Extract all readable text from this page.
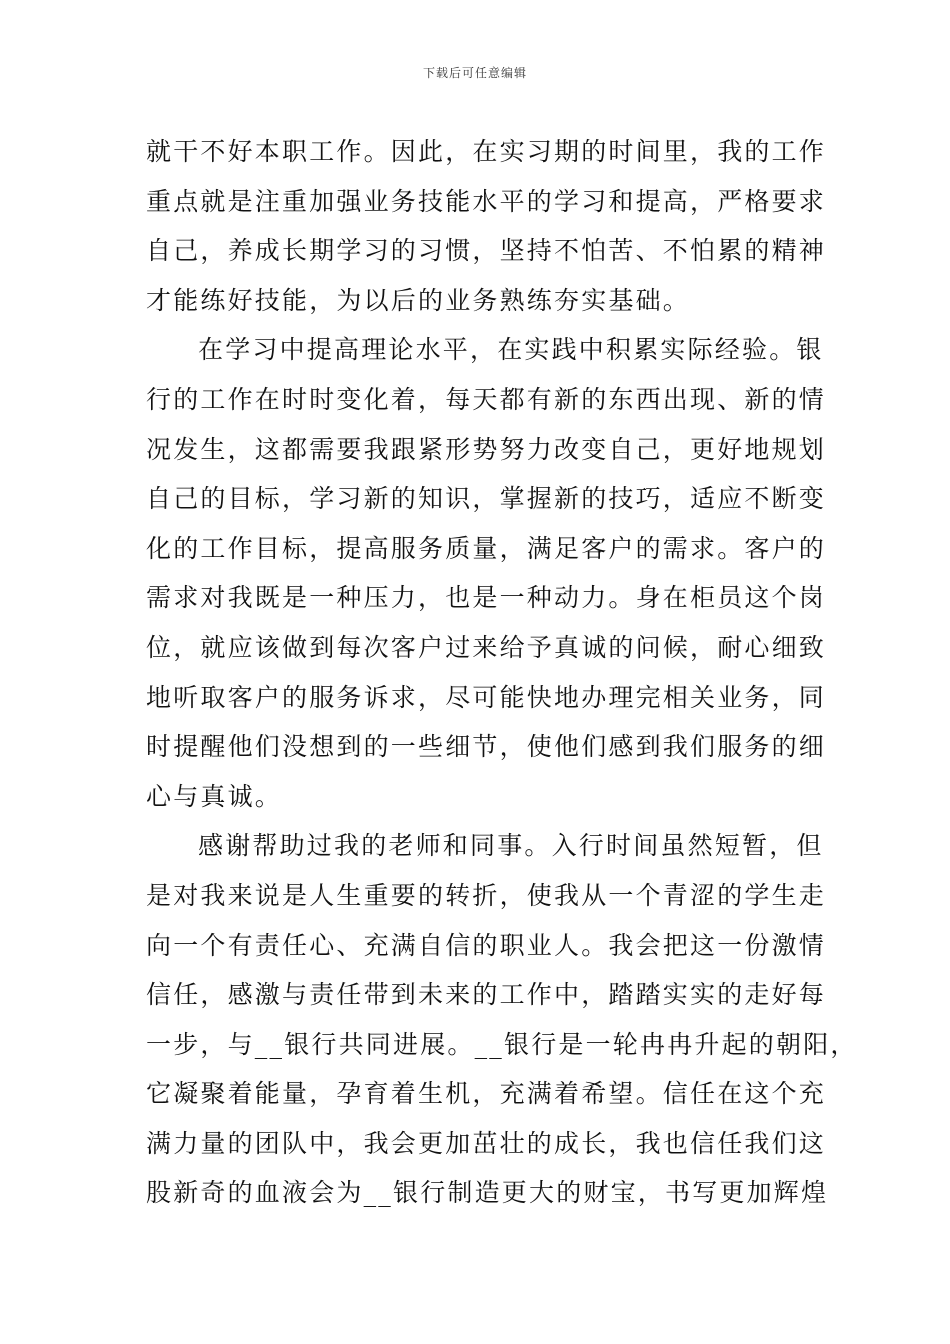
下载后可任意编辑
就干不好本职工作。因此，在实习期的时间里，我的工作
重点就是注重加强业务技能水平的学习和提高，严格要求
自己，养成长期学习的习惯，坚持不怕苦、不怕累的精神
才能练好技能，为以后的业务熟练夯实基础。
在学习中提高理论水平，在实践中积累实际经验。银
行的工作在时时变化着，每天都有新的东西出现、新的情
况发生，这都需要我跟紧形势努力改变自己，更好地规划
自己的目标，学习新的知识，掌握新的技巧，适应不断变
化的工作目标，提高服务质量，满足客户的需求。客户的
需求对我既是一种压力，也是一种动力。身在柜员这个岗
位，就应该做到每次客户过来给予真诚的问候，耐心细致
地听取客户的服务诉求，尽可能快地办理完相关业务，同
时提醒他们没想到的一些细节，使他们感到我们服务的细
心与真诚。
感谢帮助过我的老师和同事。入行时间虽然短暂，但
是对我来说是人生重要的转折，使我从一个青涩的学生走
向一个有责任心、充满自信的职业人。我会把这一份激情
信任，感激与责任带到未来的工作中，踏踏实实的走好每
一步，与__银行共同进展。__银行是一轮冉冉升起的朝阳，
它凝聚着能量，孕育着生机，充满着希望。信任在这个充
满力量的团队中，我会更加茁壮的成长，我也信任我们这
股新奇的血液会为__银行制造更大的财宝，书写更加辉煌
